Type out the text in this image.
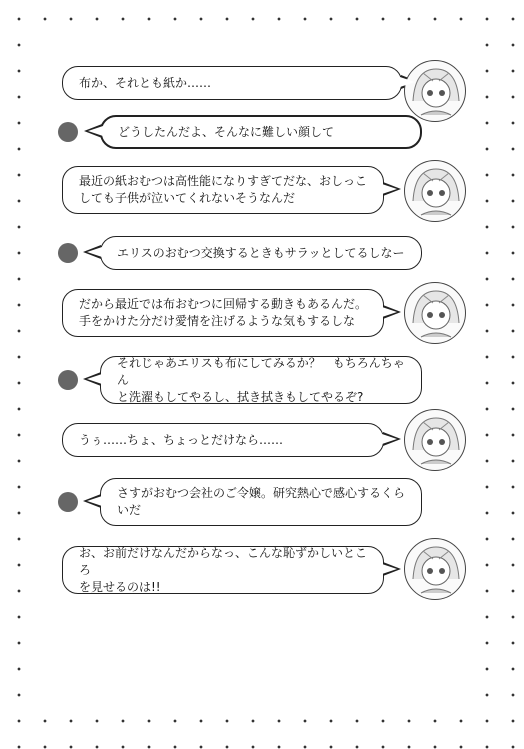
布か、それとも紙か……
どうしたんだよ、そんなに難しい顔して
最近の紙おむつは高性能になりすぎてだな、おしっこ
しても子供が泣いてくれないそうなんだ
エリスのおむつ交換するときもサラッとしてるしなー
だから最近では布おむつに回帰する動きもあるんだ。
手をかけた分だけ愛情を注げるような気もするしな
それじゃあエリスも布にしてみるか？　もちろんちゃん
と洗濯もしてやるし、拭き拭きもしてやるぞ?
うぅ……ちょ、ちょっとだけなら……
さすがおむつ会社のご令嬢。研究熱心で感心するくら
いだ
お、お前だけなんだからなっ、こんな恥ずかしいところ
を見せるのは!!
